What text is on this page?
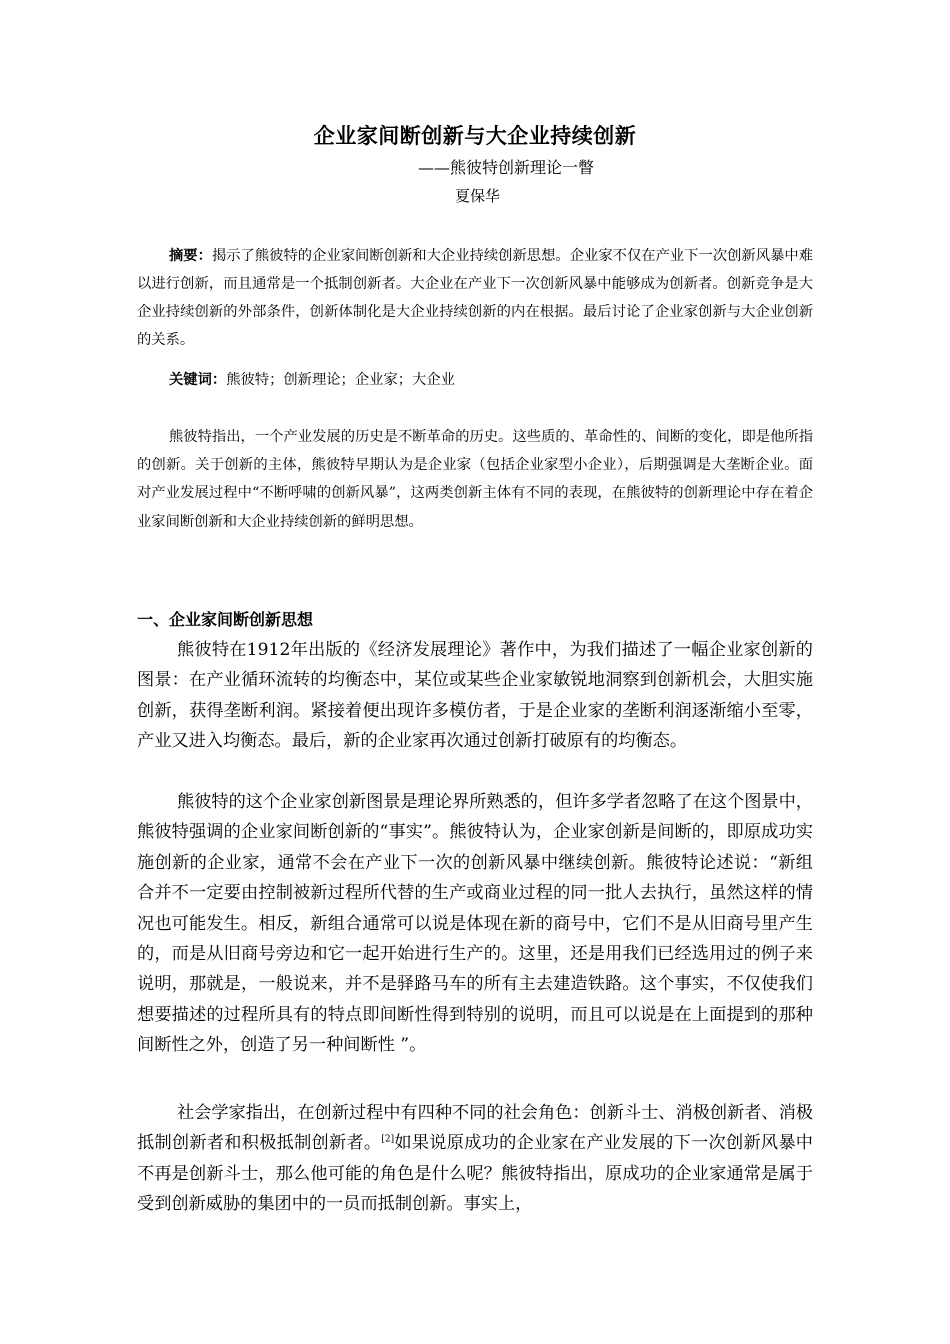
企业家间断创新与大企业持续创新
——熊彼特创新理论一瞥
夏保华

摘要：揭示了熊彼特的企业家间断创新和大企业持续创新思想。企业家不仅在产业下一次创新风暴中难以进行创新，而且通常是一个抵制创新者。大企业在产业下一次创新风暴中能够成为创新者。创新竞争是大企业持续创新的外部条件，创新体制化是大企业持续创新的内在根据。最后讨论了企业家创新与大企业创新的关系。

关键词：熊彼特；创新理论；企业家；大企业

熊彼特指出，一个产业发展的历史是不断革命的历史。这些质的、革命性的、间断的变化，即是他所指的创新。关于创新的主体，熊彼特早期认为是企业家（包括企业家型小企业），后期强调是大垄断企业。面对产业发展过程中“不断呼啸的创新风暴”，这两类创新主体有不同的表现，在熊彼特的创新理论中存在着企业家间断创新和大企业持续创新的鲜明思想。

一、企业家间断创新思想

熊彼特在1912年出版的《经济发展理论》著作中，为我们描述了一幅企业家创新的图景：在产业循环流转的均衡态中，某位或某些企业家敏锐地洞察到创新机会，大胆实施创新，获得垄断利润。紧接着便出现许多模仿者，于是企业家的垄断利润逐渐缩小至零，产业又进入均衡态。最后，新的企业家再次通过创新打破原有的均衡态。

熊彼特的这个企业家创新图景是理论界所熟悉的，但许多学者忽略了在这个图景中，熊彼特强调的企业家间断创新的“事实”。熊彼特认为，企业家创新是间断的，即原成功实施创新的企业家，通常不会在产业下一次的创新风暴中继续创新。熊彼特论述说：“新组合并不一定要由控制被新过程所代替的生产或商业过程的同一批人去执行，虽然这样的情况也可能发生。相反，新组合通常可以说是体现在新的商号中，它们不是从旧商号里产生的，而是从旧商号旁边和它一起开始进行生产的。这里，还是用我们已经选用过的例子来说明，那就是，一般说来，并不是驿路马车的所有主去建造铁路。这个事实，不仅使我们想要描述的过程所具有的特点即间断性得到特别的说明，而且可以说是在上面提到的那种间断性之外，创造了另一种间断性 ”。

社会学家指出，在创新过程中有四种不同的社会角色：创新斗士、消极创新者、消极抵制创新者和积极抵制创新者。[2]如果说原成功的企业家在产业发展的下一次创新风暴中不再是创新斗士，那么他可能的角色是什么呢？熊彼特指出，原成功的企业家通常是属于受到创新威胁的集团中的一员而抵制创新。事实上，
